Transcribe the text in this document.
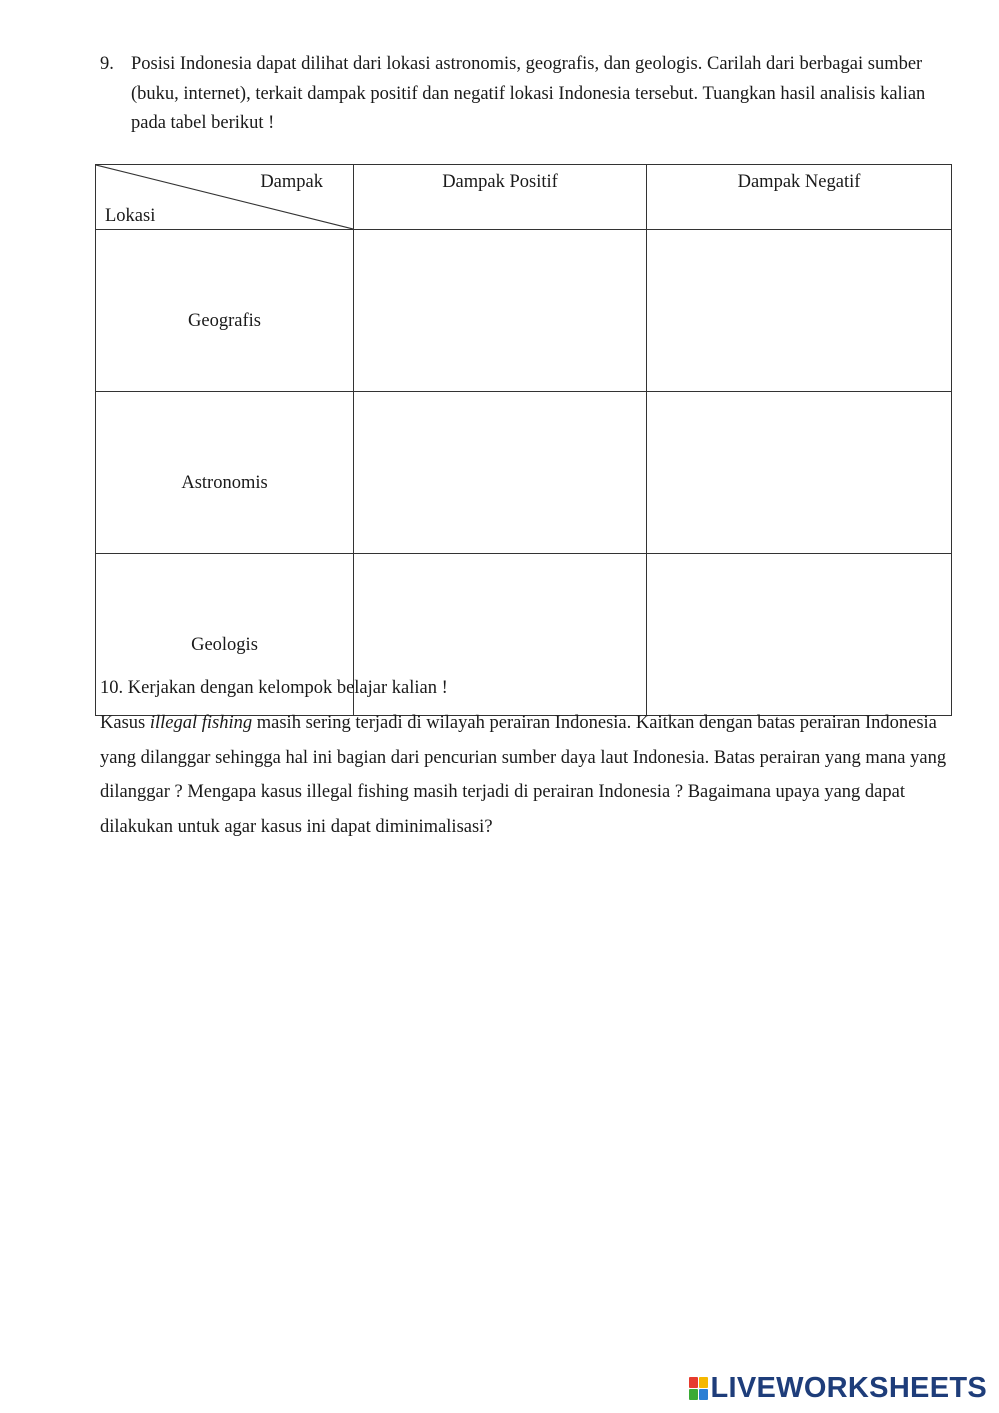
9. Posisi Indonesia dapat dilihat dari lokasi astronomis, geografis, dan geologis. Carilah dari berbagai sumber (buku, internet), terkait dampak positif dan negatif lokasi Indonesia tersebut. Tuangkan hasil analisis kalian pada tabel berikut !
Dampak
Lokasi	Dampak Positif	Dampak Negatif
Geografis		
Astronomis		
Geologis		

10. Kerjakan dengan kelompok belajar kalian !

Kasus illegal fishing masih sering terjadi di wilayah perairan Indonesia. Kaitkan dengan batas perairan Indonesia yang dilanggar sehingga hal ini bagian dari pencurian sumber daya laut Indonesia. Batas perairan yang mana yang dilanggar ? Mengapa kasus illegal fishing masih terjadi di perairan Indonesia ? Bagaimana upaya yang dapat dilakukan untuk agar kasus ini dapat diminimalisasi?

LIVEWORKSHEETS
